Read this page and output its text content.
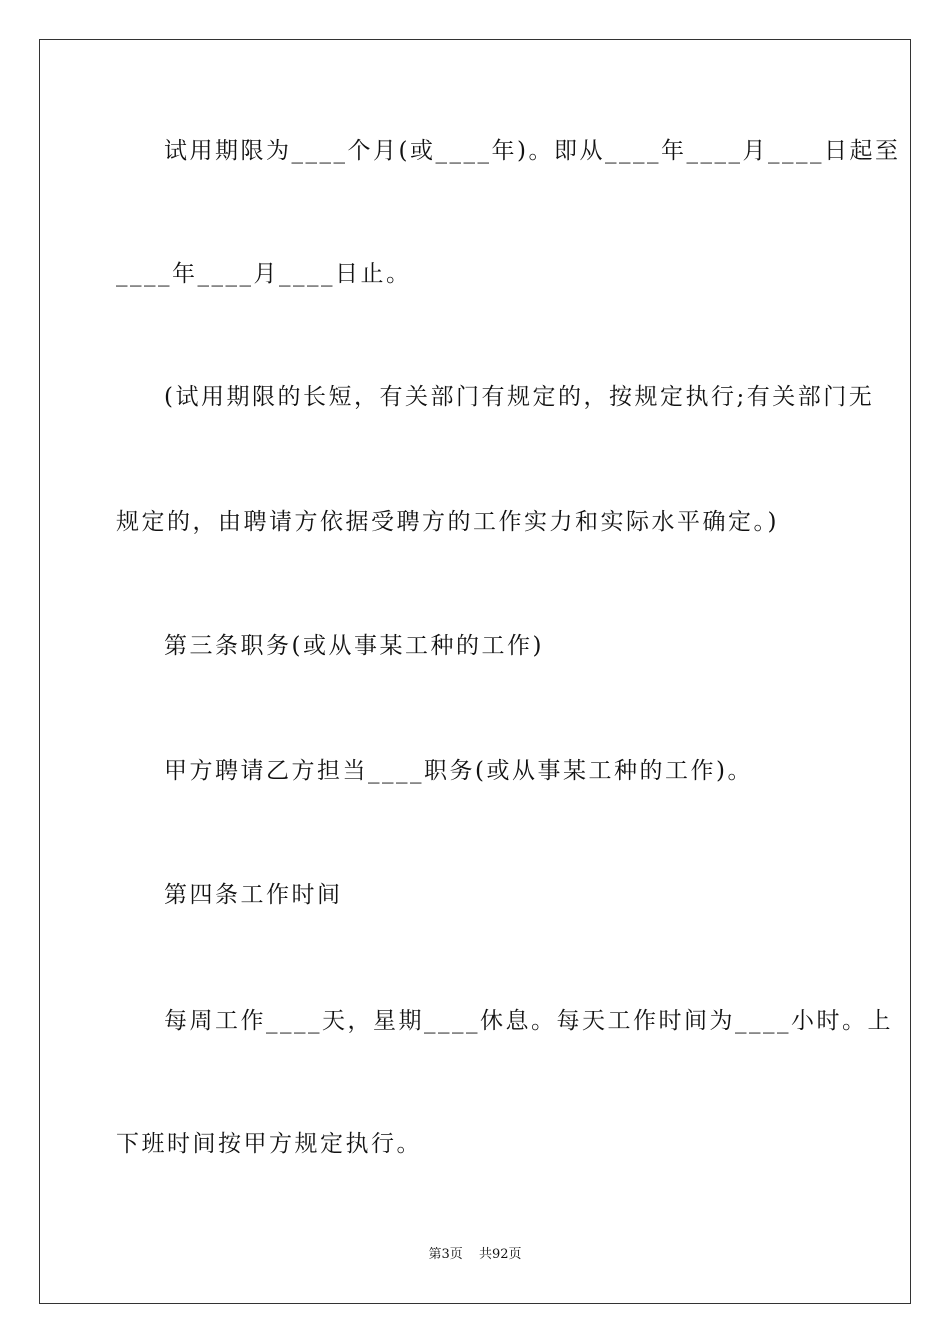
试用期限为____个月(或____年)。即从____年____月____日起至
____年____月____日止。
(试用期限的长短，有关部门有规定的，按规定执行;有关部门无
规定的，由聘请方依据受聘方的工作实力和实际水平确定。)
第三条职务(或从事某工种的工作)
甲方聘请乙方担当____职务(或从事某工种的工作)。
第四条工作时间
每周工作____天，星期____休息。每天工作时间为____小时。上
下班时间按甲方规定执行。
第3页 共92页
